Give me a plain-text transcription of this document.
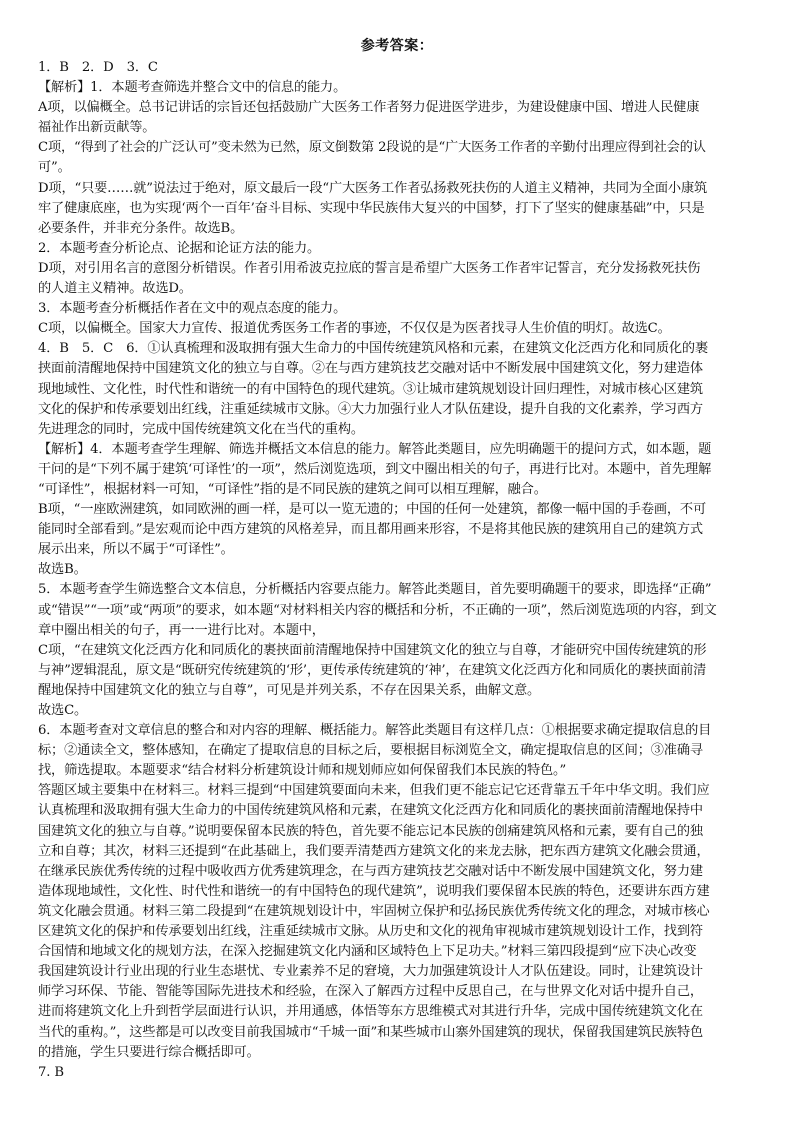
参考答案：
1．B　2．D　3．C
【解析】1．本题考查筛选并整合文中的信息的能力。
A项，以偏概全。总书记讲话的宗旨还包括鼓励广大医务工作者努力促进医学进步，为建设健康中国、增进人民健康
福祉作出新贡献等。
C项，“得到了社会的广泛认可”变未然为已然，原文倒数第 2段说的是“广大医务工作者的辛勤付出理应得到社会的认
可”。
D项，“只要……就”说法过于绝对，原文最后一段“广大医务工作者弘扬救死扶伤的人道主义精神，共同为全面小康筑
牢了健康底座，也为实现‘两个一百年’奋斗目标、实现中华民族伟大复兴的中国梦，打下了坚实的健康基础”中，只是
必要条件，并非充分条件。故选B。
2．本题考查分析论点、论据和论证方法的能力。
D项，对引用名言的意图分析错误。作者引用希波克拉底的誓言是希望广大医务工作者牢记誓言，充分发扬救死扶伤
的人道主义精神。故选D。
3．本题考查分析概括作者在文中的观点态度的能力。
C项，以偏概全。国家大力宣传、报道优秀医务工作者的事迹，不仅仅是为医者找寻人生价值的明灯。故选C。
4．B　5．C　6．①认真梳理和汲取拥有强大生命力的中国传统建筑风格和元素，在建筑文化泛西方化和同质化的裹
挟面前清醒地保持中国建筑文化的独立与自尊。②在与西方建筑技艺交融对话中不断发展中国建筑文化，努力建造体
现地域性、文化性，时代性和谐统一的有中国特色的现代建筑。③让城市建筑规划设计回归理性，对城市核心区建筑
文化的保护和传承要划出红线，注重延续城市文脉。④大力加强行业人才队伍建设，提升自我的文化素养，学习西方
先进理念的同时，完成中国传统建筑文化在当代的重构。
【解析】4．本题考查学生理解、筛选并概括文本信息的能力。解答此类题目，应先明确题干的提问方式，如本题，题
干问的是“下列不属于建筑‘可译性’的一项”，然后浏览选项，到文中圈出相关的句子，再进行比对。本题中，首先理解
“可译性”，根据材料一可知，“可译性”指的是不同民族的建筑之间可以相互理解，融合。
B项，“一座欧洲建筑，如同欧洲的画一样，是可以一览无遗的；中国的任何一处建筑，都像一幅中国的手卷画，不可
能同时全部看到。”是宏观而论中西方建筑的风格差异，而且都用画来形容，不是将其他民族的建筑用自己的建筑方式
展示出来，所以不属于“可译性”。
故选B。
5．本题考查学生筛选整合文本信息，分析概括内容要点能力。解答此类题目，首先要明确题干的要求，即选择“正确”
或“错误”“一项”或“两项”的要求，如本题“对材料相关内容的概括和分析，不正确的一项”，然后浏览选项的内容，到文
章中圈出相关的句子，再一一进行比对。本题中，
C项，“在建筑文化泛西方化和同质化的裹挟面前清醒地保持中国建筑文化的独立与自尊，才能研究中国传统建筑的形
与神”逻辑混乱，原文是“既研究传统建筑的‘形’，更传承传统建筑的‘神’，在建筑文化泛西方化和同质化的裹挟面前清
醒地保持中国建筑文化的独立与自尊”，可见是并列关系，不存在因果关系，曲解文意。
故选C。
6．本题考查对文章信息的整合和对内容的理解、概括能力。解答此类题目有这样几点：①根据要求确定提取信息的目
标；②通读全文，整体感知，在确定了提取信息的目标之后，要根据目标浏览全文，确定提取信息的区间；③准确寻
找，筛选提取。本题要求“结合材料分析建筑设计师和规划师应如何保留我们本民族的特色。”
答题区域主要集中在材料三。材料三提到“中国建筑要面向未来，但我们更不能忘记它还背靠五千年中华文明。我们应
认真梳理和汲取拥有强大生命力的中国传统建筑风格和元素，在建筑文化泛西方化和同质化的裹挟面前清醒地保持中
国建筑文化的独立与自尊。”说明要保留本民族的特色，首先要不能忘记本民族的创痛建筑风格和元素，要有自己的独
立和自尊；其次，材料三还提到“在此基础上，我们要弄清楚西方建筑文化的来龙去脉，把东西方建筑文化融会贯通，
在继承民族优秀传统的过程中吸收西方优秀建筑理念，在与西方建筑技艺交融对话中不断发展中国建筑文化，努力建
造体现地域性，文化性、时代性和谐统一的有中国特色的现代建筑”，说明我们要保留本民族的特色，还要讲东西方建
筑文化融会贯通。材料三第二段提到“在建筑规划设计中，牢固树立保护和弘扬民族优秀传统文化的理念，对城市核心
区建筑文化的保护和传承要划出红线，注重延续城市文脉。从历史和文化的视角审视城市建筑规划设计工作，找到符
合国情和地域文化的规划方法，在深入挖掘建筑文化内涵和区域特色上下足功夫。”材料三第四段提到“应下决心改变
我国建筑设计行业出现的行业生态堪忧、专业素养不足的窘境，大力加强建筑设计人才队伍建设。同时，让建筑设计
师学习环保、节能、智能等国际先进技术和经验，在深入了解西方过程中反思自己，在与世界文化对话中提升自己，
进而将建筑文化上升到哲学层面进行认识，并用通感，体悟等东方思维模式对其进行升华，完成中国传统建筑文化在
当代的重构。”，这些都是可以改变目前我国城市“千城一面”和某些城市山寨外国建筑的现状，保留我国建筑民族特色
的措施，学生只要进行综合概括即可。
7. B
